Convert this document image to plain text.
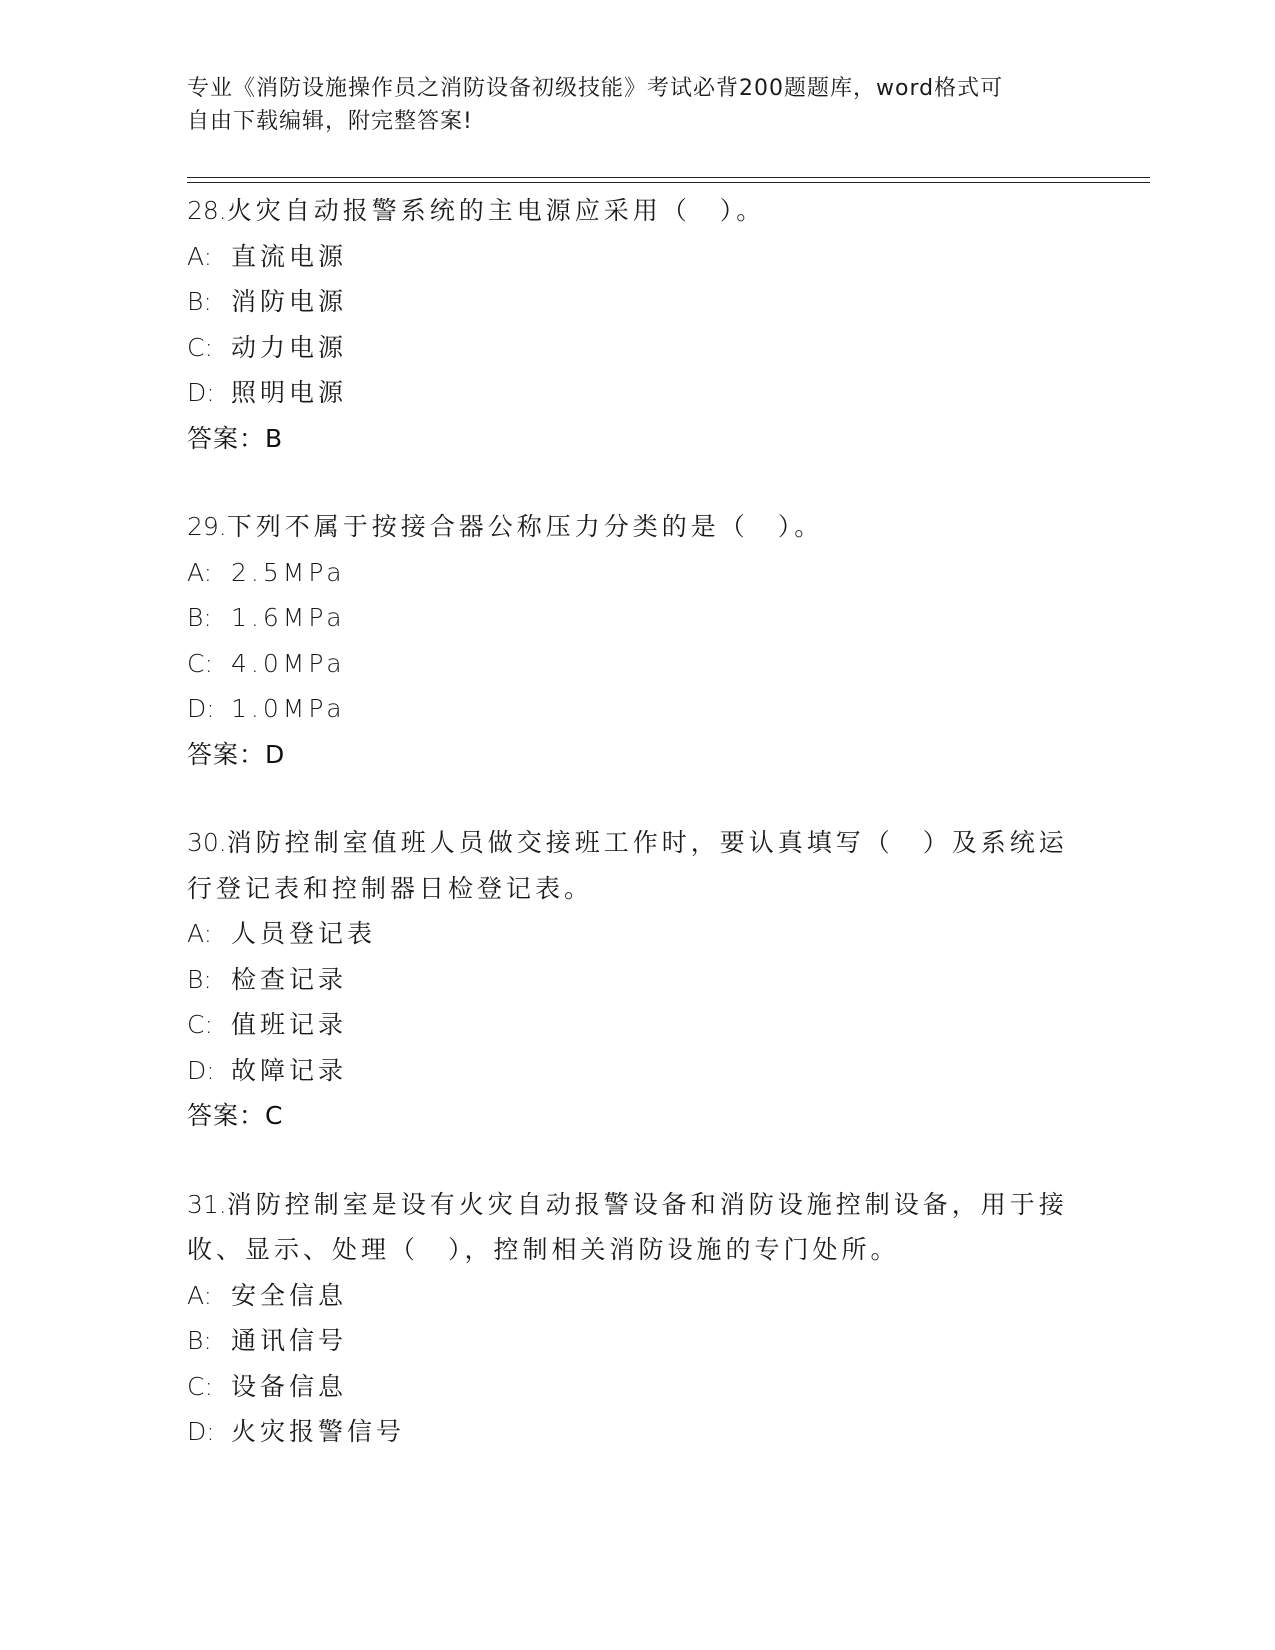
专业《消防设施操作员之消防设备初级技能》考试必背200题题库，word格式可
自由下载编辑，附完整答案!
28.火灾自动报警系统的主电源应采用（　）。
A: 直流电源
B: 消防电源
C: 动力电源
D: 照明电源
答案：B
29.下列不属于按接合器公称压力分类的是（　）。
A: 2.5MPa
B: 1.6MPa
C: 4.0MPa
D: 1.0MPa
答案：D
30.消防控制室值班人员做交接班工作时，要认真填写（　）及系统运
行登记表和控制器日检登记表。
A: 人员登记表
B: 检查记录
C: 值班记录
D: 故障记录
答案：C
31.消防控制室是设有火灾自动报警设备和消防设施控制设备，用于接
收、显示、处理（　），控制相关消防设施的专门处所。
A: 安全信息
B: 通讯信号
C: 设备信息
D: 火灾报警信号
